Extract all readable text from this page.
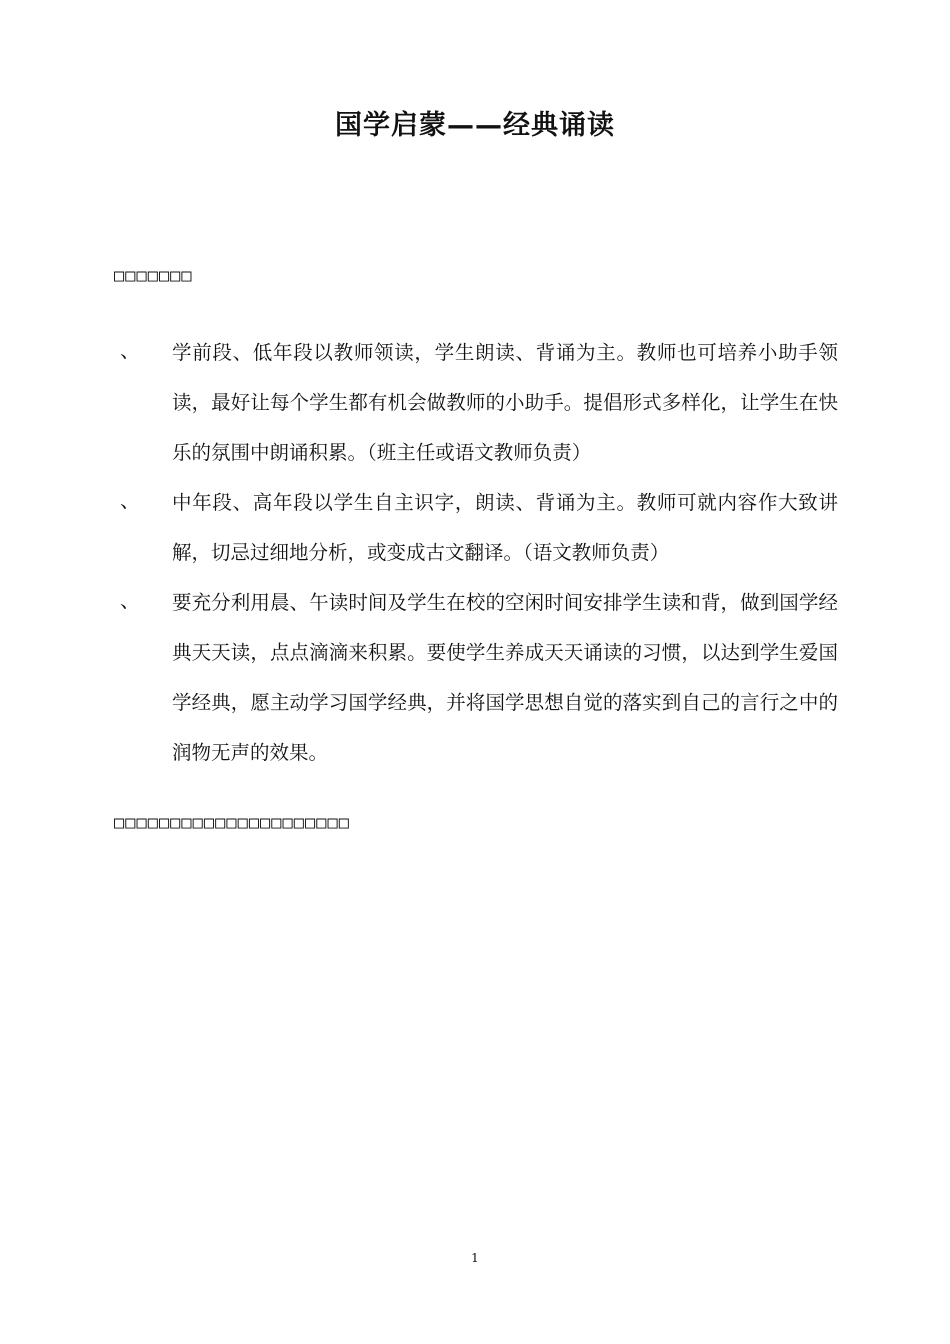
国学启蒙——经典诵读
□□□□□□□
、 学前段、低年段以教师领读，学生朗读、背诵为主。教师也可培养小助手领读，最好让每个学生都有机会做教师的小助手。提倡形式多样化，让学生在快乐的氛围中朗诵积累。（班主任或语文教师负责）
、 中年段、高年段以学生自主识字，朗读、背诵为主。教师可就内容作大致讲解，切忌过细地分析，或变成古文翻译。（语文教师负责）
、 要充分利用晨、午读时间及学生在校的空闲时间安排学生读和背，做到国学经典天天读，点点滴滴来积累。要使学生养成天天诵读的习惯，以达到学生爱国学经典，愿主动学习国学经典，并将国学思想自觉的落实到自己的言行之中的润物无声的效果。
□□□□□□□□□□□□□□□□□□□□□
1
